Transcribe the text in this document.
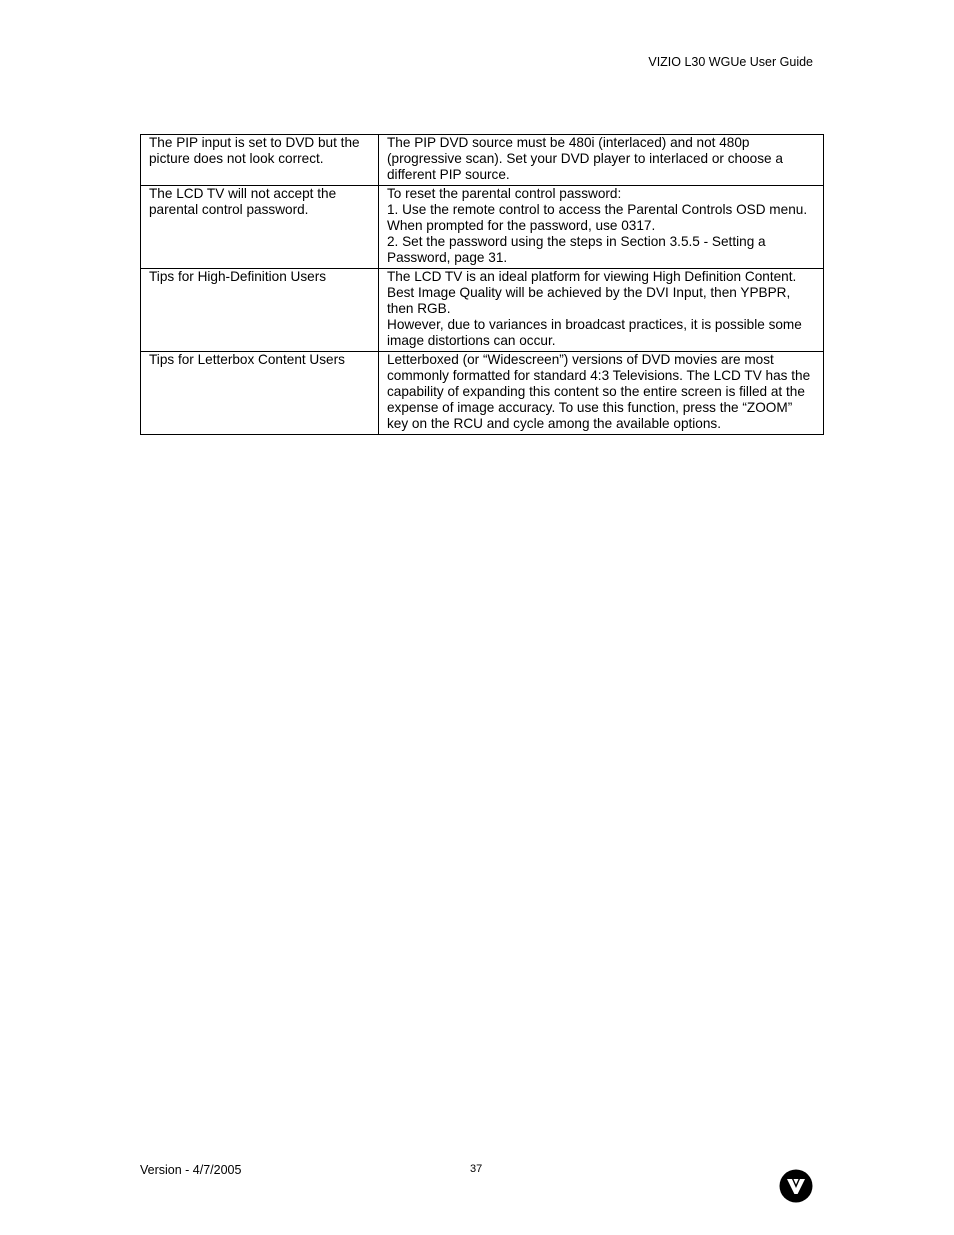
VIZIO L30 WGUe User Guide
The PIP input is set to DVD but the picture does not look correct.	The PIP DVD source must be 480i (interlaced) and not 480p (progressive scan). Set your DVD player to interlaced or choose a different PIP source.

The LCD TV will not accept the parental control password.	To reset the parental control password:
1. Use the remote control to access the Parental Controls OSD menu. When prompted for the password, use 0317.
2. Set the password using the steps in Section 3.5.5 - Setting a Password, page 31.

Tips for High-Definition Users	The LCD TV is an ideal platform for viewing High Definition Content. Best Image Quality will be achieved by the DVI Input, then YPBPR, then RGB.
However, due to variances in broadcast practices, it is possible some image distortions can occur.

Tips for Letterbox Content Users	Letterboxed (or “Widescreen”) versions of DVD movies are most commonly formatted for standard 4:3 Televisions. The LCD TV has the capability of expanding this content so the entire screen is filled at the expense of image accuracy. To use this function, press the “ZOOM” key on the RCU and cycle among the available options.
Version - 4/7/2005	37
